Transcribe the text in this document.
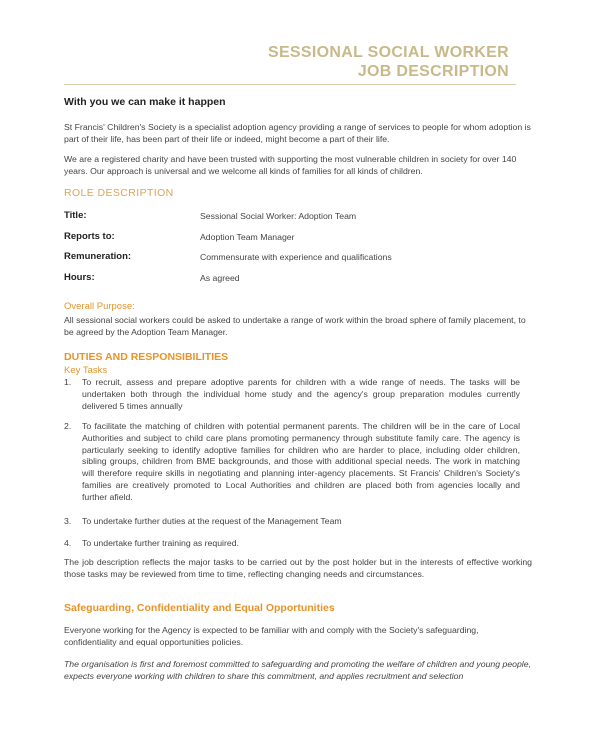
SESSIONAL SOCIAL WORKER
JOB DESCRIPTION
With you we can make it happen
St Francis' Children's Society is a specialist adoption agency providing a range of services to people for whom adoption is part of their life, has been part of their life or indeed, might become a part of their life.
We are a registered charity and have been trusted with supporting the most vulnerable children in society for over 140 years. Our approach is universal and we welcome all kinds of families for all kinds of children.
ROLE DESCRIPTION
Title:	Sessional Social Worker: Adoption Team
Reports to:	Adoption Team Manager
Remuneration:	Commensurate with experience and qualifications
Hours:	As agreed
Overall Purpose:
All sessional social workers could be asked to undertake a range of work within the broad sphere of family placement, to be agreed by the Adoption Team Manager.
DUTIES AND RESPONSIBILITIES
Key Tasks
1. To recruit, assess and prepare adoptive parents for children with a wide range of needs. The tasks will be undertaken both through the individual home study and the agency's group preparation modules currently delivered 5 times annually
2. To facilitate the matching of children with potential permanent parents. The children will be in the care of Local Authorities and subject to child care plans promoting permanency through substitute family care. The agency is particularly seeking to identify adoptive families for children who are harder to place, including older children, sibling groups, children from BME backgrounds, and those with additional special needs. The work in matching will therefore require skills in negotiating and planning inter-agency placements. St Francis' Children's Society's families are creatively promoted to Local Authorities and children are placed both from agencies locally and further afield.
3. To undertake further duties at the request of the Management Team
4. To undertake further training as required.
The job description reflects the major tasks to be carried out by the post holder but in the interests of effective working those tasks may be reviewed from time to time, reflecting changing needs and circumstances.
Safeguarding, Confidentiality and Equal Opportunities
Everyone working for the Agency is expected to be familiar with and comply with the Society's safeguarding, confidentiality and equal opportunities policies.
The organisation is first and foremost committed to safeguarding and promoting the welfare of children and young people, expects everyone working with children to share this commitment, and applies recruitment and selection
